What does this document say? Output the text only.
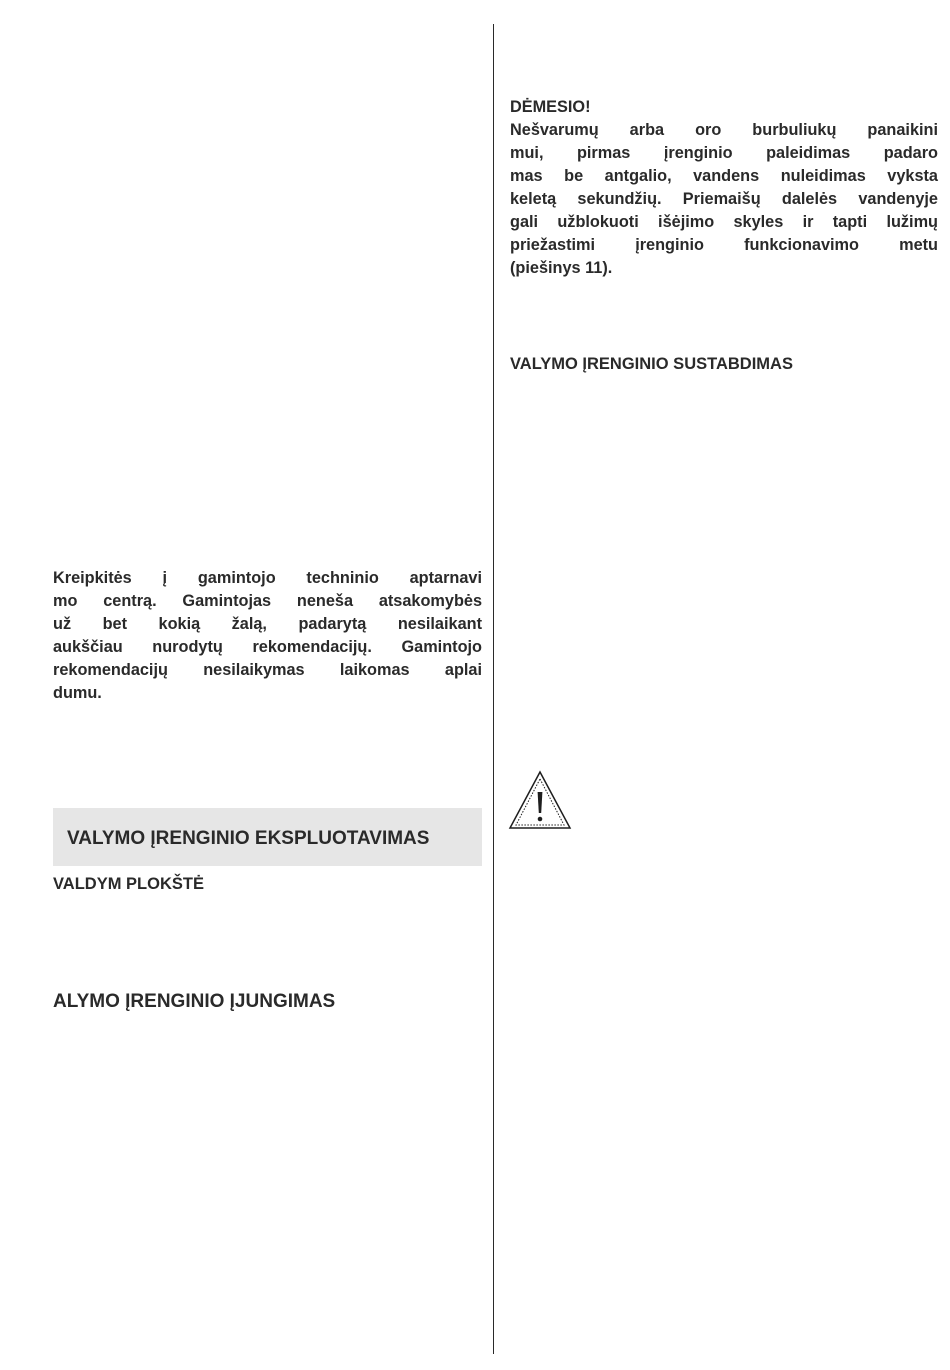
DĖMESIO!
Nešvarumų arba oro burbuliukų panaikini
mui, pirmas įrenginio paleidimas padaro
mas be antgalio, vandens nuleidimas vyksta
keletą sekundžių. Priemaišų dalelės vandenyje
gali užblokuoti išėjimo skyles ir tapti lužimų
priežastimi įrenginio funkcionavimo metu
(piešinys 11).
VALYMO ĮRENGINIO SUSTABDIMAS
Kreipkitės į gamintojo techninio aptarnavi
mo centrą. Gamintojas neneša atsakomybės
už bet kokią žalą, padarytą nesilaikant
aukščiau nurodytų rekomendacijų. Gamintojo
rekomendacijų nesilaikymas laikomas aplai
dumu.
VALYMO ĮRENGINIO EKSPLUOTAVIMAS
VALDYM PLOKŠTĖ
ALYMO ĮRENGINIO ĮJUNGIMAS
